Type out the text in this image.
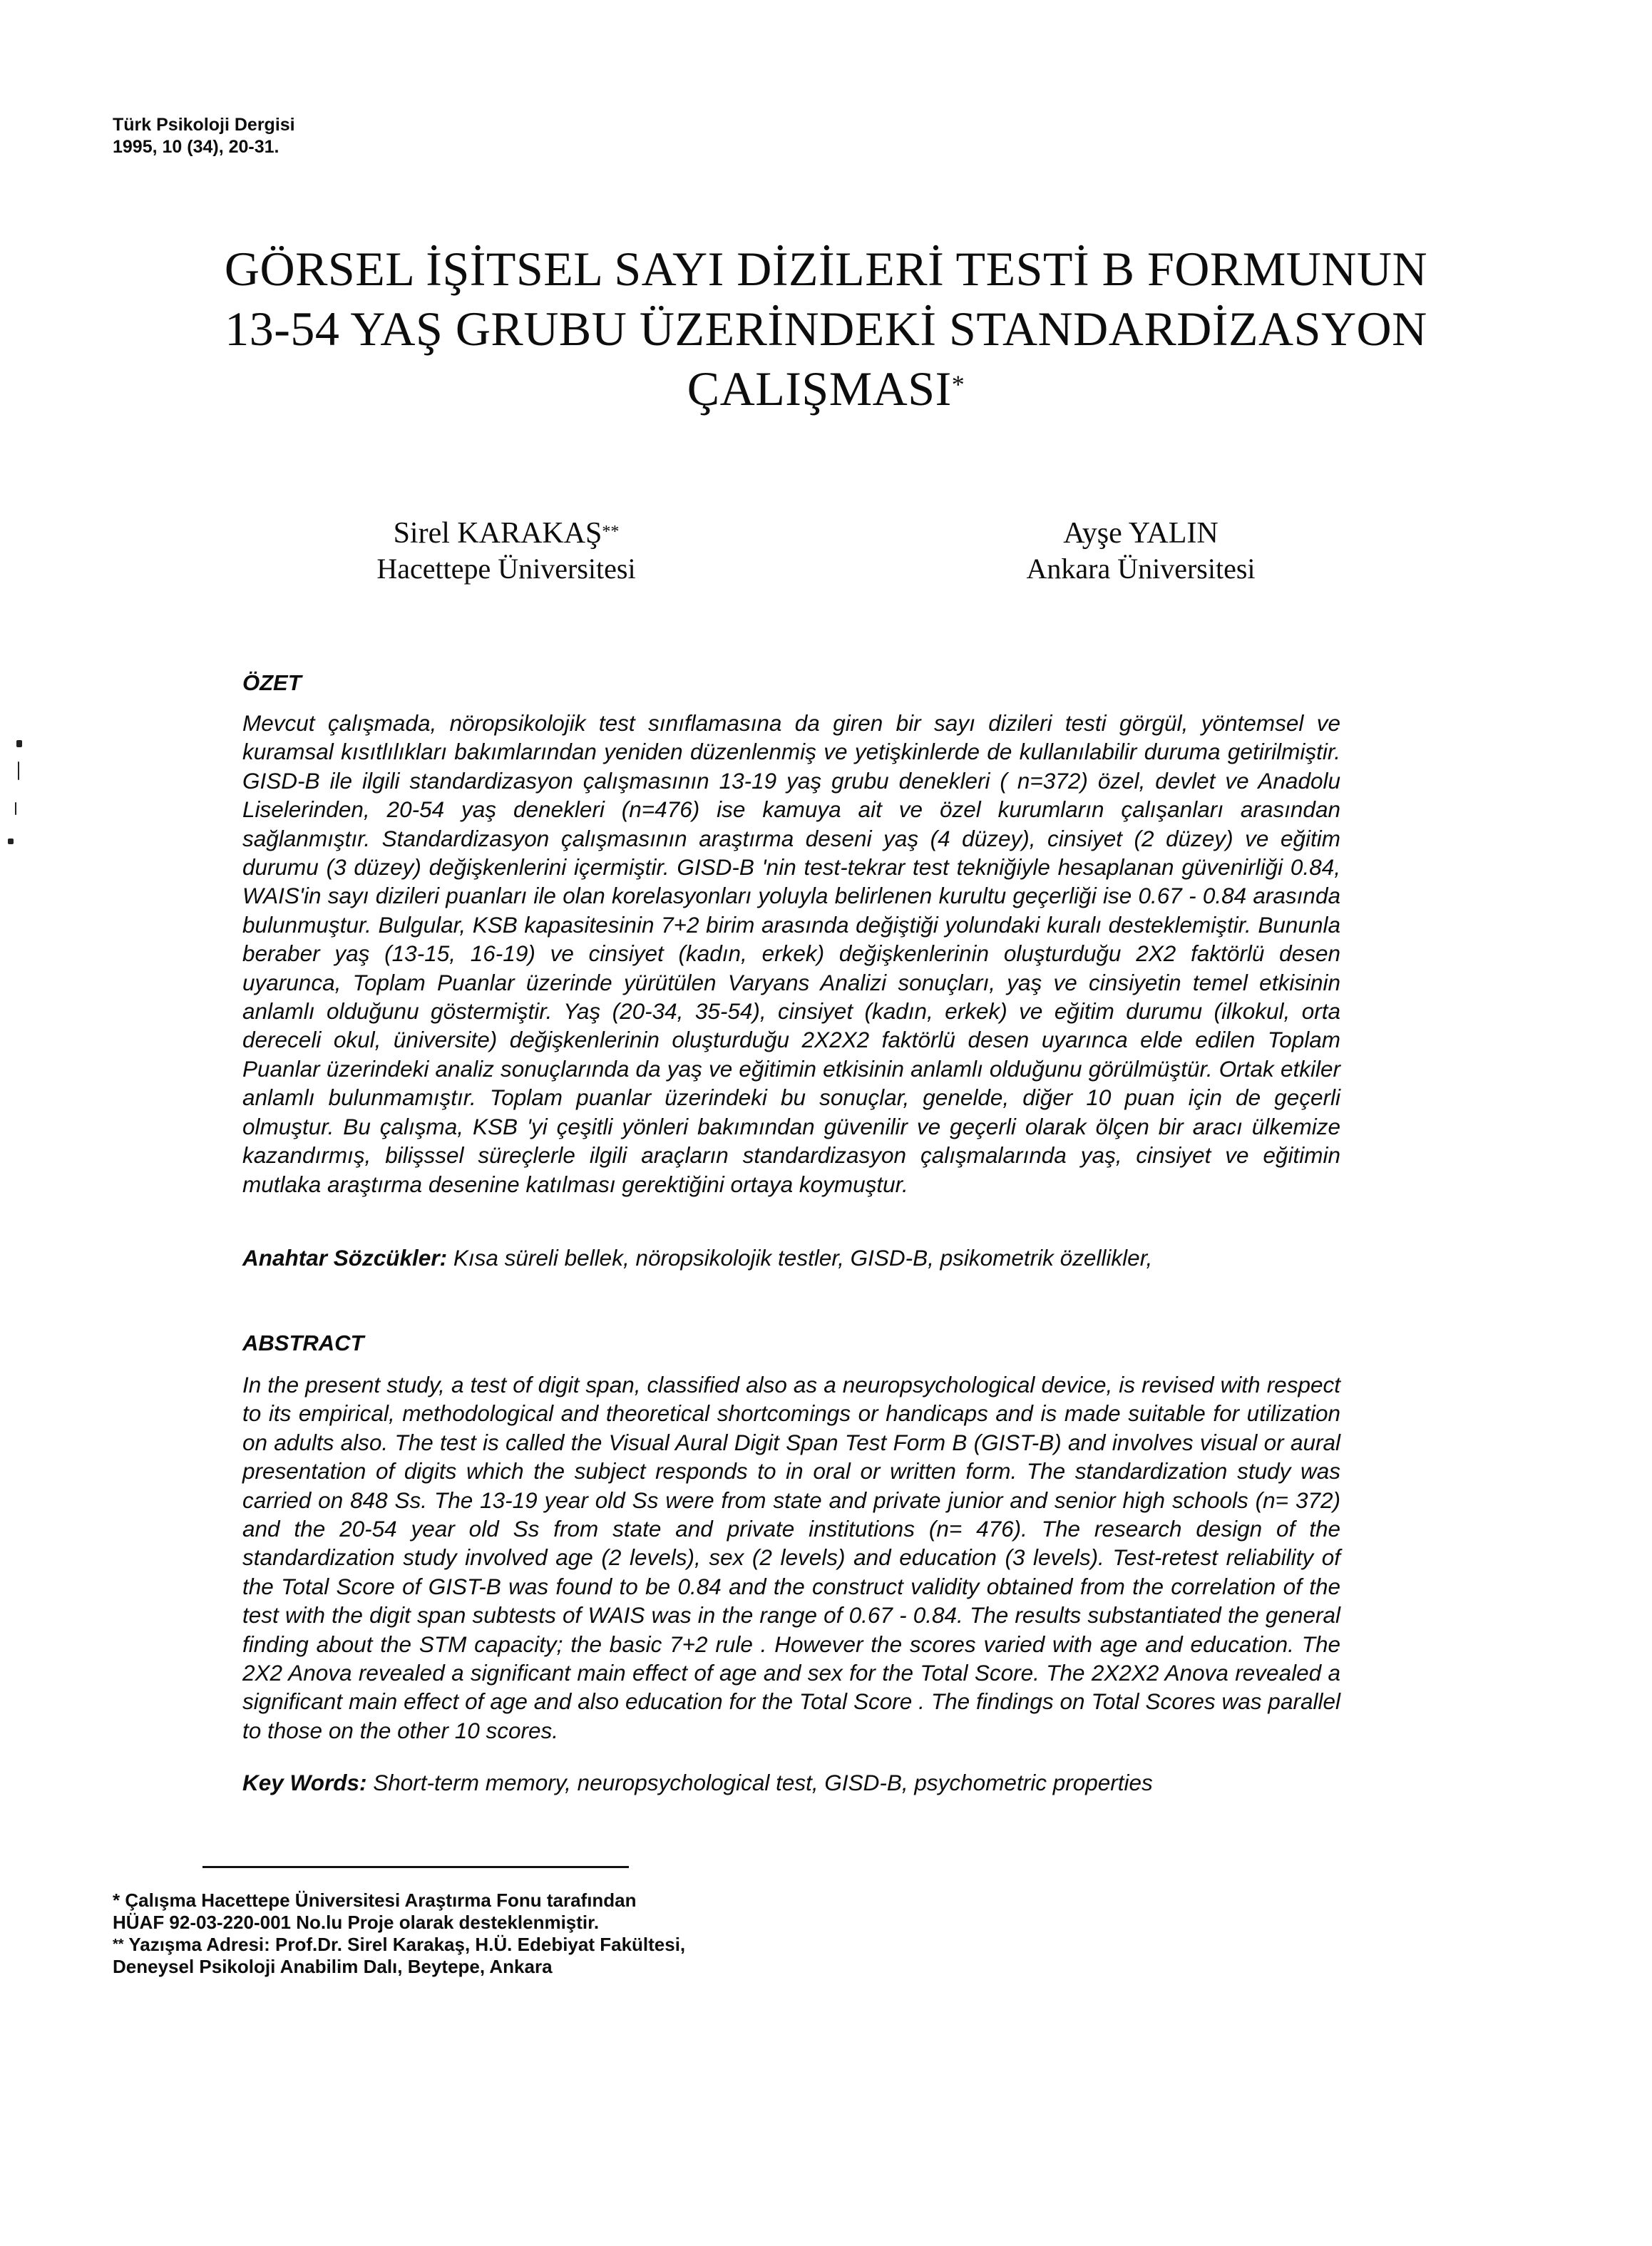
Türk Psikoloji Dergisi
1995, 10 (34), 20-31.
GÖRSEL İŞİTSEL SAYI DİZİLERİ TESTİ B FORMUNUN
13-54 YAŞ GRUBU ÜZERİNDEKİ STANDARDİZASYON
ÇALIŞMASI*
Sirel KARAKAŞ**
Hacettepe Üniversitesi
Ayşe YALIN
Ankara Üniversitesi
ÖZET
Mevcut çalışmada, nöropsikolojik test sınıflamasına da giren bir sayı dizileri testi görgül, yöntemsel ve kuramsal kısıtlılıkları bakımlarından yeniden düzenlenmiş ve yetişkinlerde de kullanılabilir duruma getirilmiştir. GISD-B ile ilgili standardizasyon çalışmasının 13-19 yaş grubu denekleri ( n=372) özel, devlet ve Anadolu Liselerinden, 20-54 yaş denekleri (n=476) ise kamuya ait ve özel kurumların çalışanları arasından sağlanmıştır. Standardizasyon çalışmasının araştırma deseni yaş (4 düzey), cinsiyet (2 düzey) ve eğitim durumu (3 düzey) değişkenlerini içermiştir. GISD-B 'nin test-tekrar test tekniğiyle hesaplanan güvenirliği 0.84, WAIS'in sayı dizileri puanları ile olan korelasyonları yoluyla belirlenen kurultu geçerliği ise 0.67 - 0.84 arasında bulunmuştur. Bulgular, KSB kapasitesinin 7+2 birim arasında değiştiği yolundaki kuralı desteklemiştir. Bununla beraber yaş (13-15, 16-19) ve cinsiyet (kadın, erkek) değişkenlerinin oluşturduğu 2X2 faktörlü desen uyarunca, Toplam Puanlar üzerinde yürütülen Varyans Analizi sonuçları, yaş ve cinsiyetin temel etkisinin anlamlı olduğunu göstermiştir. Yaş (20-34, 35-54), cinsiyet (kadın, erkek) ve eğitim durumu (ilkokul, orta dereceli okul, üniversite) değişkenlerinin oluşturduğu 2X2X2 faktörlü desen uyarınca elde edilen Toplam Puanlar üzerindeki analiz sonuçlarında da yaş ve eğitimin etkisinin anlamlı olduğunu görülmüştür. Ortak etkiler anlamlı bulunmamıştır. Toplam puanlar üzerindeki bu sonuçlar, genelde, diğer 10 puan için de geçerli olmuştur. Bu çalışma, KSB 'yi çeşitli yönleri bakımından güvenilir ve geçerli olarak ölçen bir aracı ülkemize kazandırmış, bilişssel süreçlerle ilgili araçların standardizasyon çalışmalarında yaş, cinsiyet ve eğitimin mutlaka araştırma desenine katılması gerektiğini ortaya koymuştur.
Anahtar Sözcükler: Kısa süreli bellek, nöropsikolojik testler, GISD-B, psikometrik özellikler,
ABSTRACT
In the present study, a test of digit span, classified also as a neuropsychological device, is revised with respect to its empirical, methodological and theoretical shortcomings or handicaps and is made suitable for utilization on adults also. The test is called the Visual Aural Digit Span Test Form B (GIST-B) and involves visual or aural presentation of digits which the subject responds to in oral or written form. The standardization study was carried on 848 Ss. The 13-19 year old Ss were from state and private junior and senior high schools (n= 372) and the 20-54 year old Ss from state and private institutions (n= 476). The research design of the standardization study involved age (2 levels), sex (2 levels) and education (3 levels). Test-retest reliability of the Total Score of GIST-B was found to be 0.84 and the construct validity obtained from the correlation of the test with the digit span subtests of WAIS was in the range of 0.67 - 0.84. The results substantiated the general finding about the STM capacity; the basic 7+2 rule . However the scores varied with age and education. The 2X2 Anova revealed a significant main effect of age and sex for the Total Score. The 2X2X2 Anova revealed a significant main effect of age and also education for the Total Score . The findings on Total Scores was parallel to those on the other 10 scores.
Key Words: Short-term memory, neuropsychological test, GISD-B, psychometric properties
* Çalışma Hacettepe Üniversitesi Araştırma Fonu tarafından
HÜAF 92-03-220-001 No.lu Proje olarak desteklenmiştir.
** Yazışma Adresi: Prof.Dr. Sirel Karakaş, H.Ü. Edebiyat Fakültesi,
Deneysel Psikoloji Anabilim Dalı, Beytepe, Ankara
